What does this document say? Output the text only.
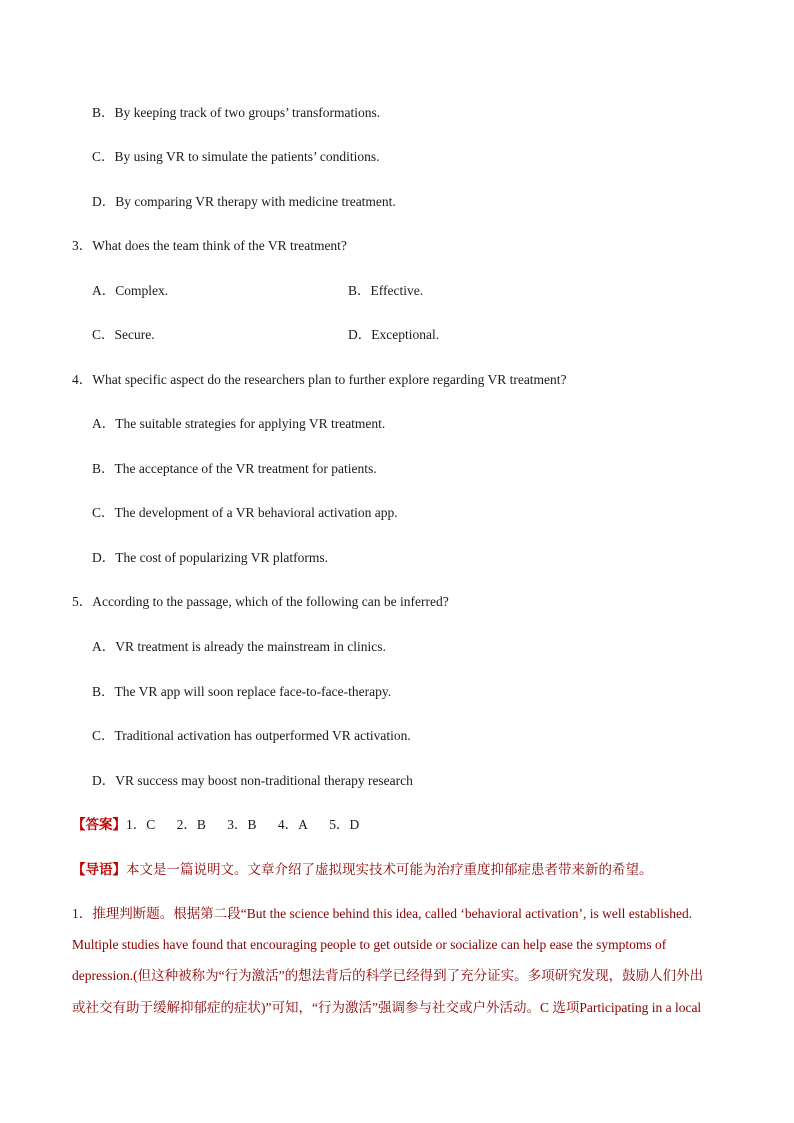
B．By keeping track of two groups’ transformations.
C．By using VR to simulate the patients’ conditions.
D．By comparing VR therapy with medicine treatment.
3．What does the team think of the VR treatment?
A．Complex.	B．Effective.
C．Secure.	D．Exceptional.
4．What specific aspect do the researchers plan to further explore regarding VR treatment?
A．The suitable strategies for applying VR treatment.
B．The acceptance of the VR treatment for patients.
C．The development of a VR behavioral activation app.
D．The cost of popularizing VR platforms.
5．According to the passage, which of the following can be inferred?
A．VR treatment is already the mainstream in clinics.
B．The VR app will soon replace face-to-face-therapy.
C．Traditional activation has outperformed VR activation.
D．VR success may boost non-traditional therapy research
【答案】1．C 2．B 3．B 4．A 5．D
【导语】本文是一篇说明文。文章介绍了虚拟现实技术可能为治疗重度抑郁症患者带来新的希望。
1．推理判断题。根据第二段“But the science behind this idea, called ‘behavioral activation’, is well established.
Multiple studies have found that encouraging people to get outside or socialize can help ease the symptoms of
depression.(但这种被称为“行为激活”的想法背后的科学已经得到了充分证实。多项研究发现，鼓励人们外出
或社交有助于缓解抑郁症的症状)”可知，“行为激活”强调参与社交或户外活动。C 选项Participating in a local
